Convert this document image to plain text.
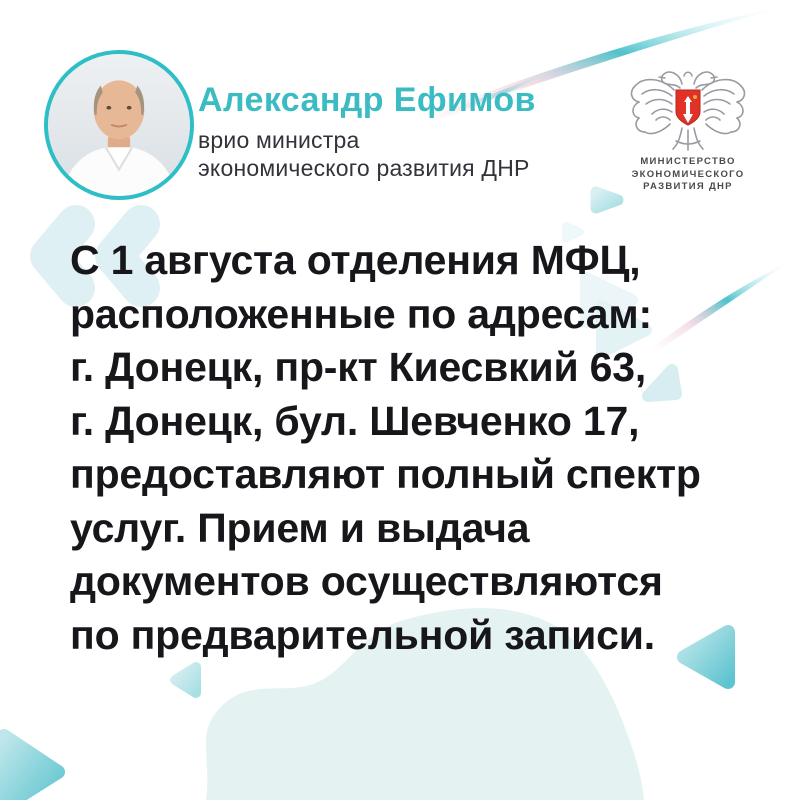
Александр Ефимов
врио министра
экономического развития ДНР	МИНИСТЕРСТВО
ЭКОНОМИЧЕСКОГО
РАЗВИТИЯ ДНР
С 1 августа отделения МФЦ,
расположенные по адресам:
г. Донецк, пр-кт Киесвкий 63,
г. Донецк, бул. Шевченко 17,
предоставляют полный спектр
услуг. Прием и выдача
документов осуществляются
по предварительной записи.
